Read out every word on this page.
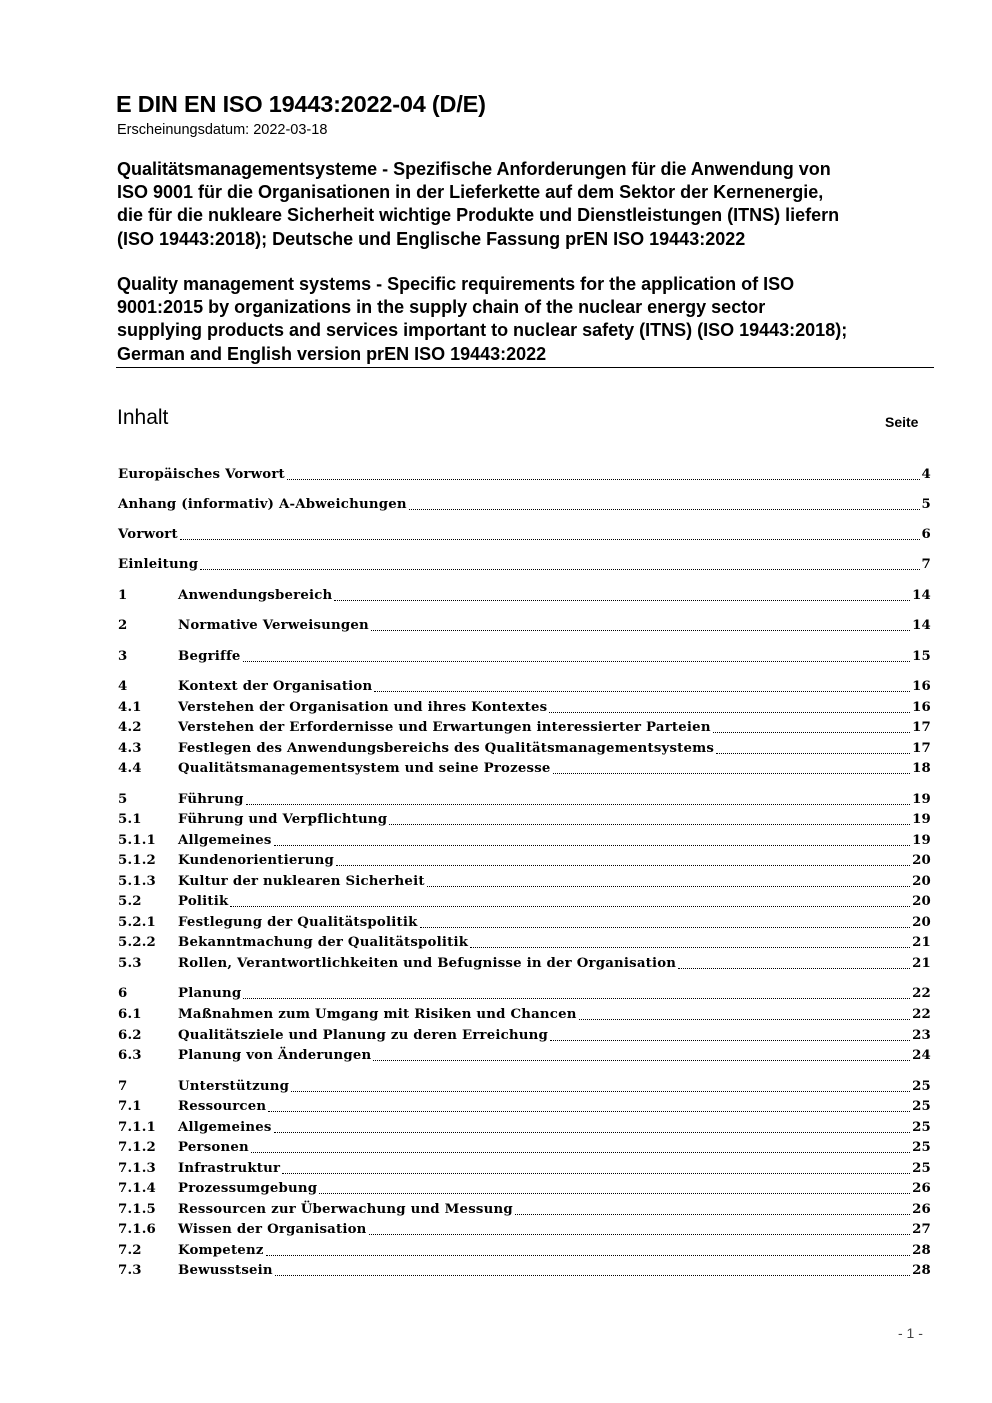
E DIN EN ISO 19443:2022-04 (D/E)
Erscheinungsdatum: 2022-03-18
Qualitätsmanagementsysteme - Spezifische Anforderungen für die Anwendung von
ISO 9001 für die Organisationen in der Lieferkette auf dem Sektor der Kernenergie,
die für die nukleare Sicherheit wichtige Produkte und Dienstleistungen (ITNS) liefern
(ISO 19443:2018); Deutsche und Englische Fassung prEN ISO 19443:2022
Quality management systems - Specific requirements for the application of ISO
9001:2015 by organizations in the supply chain of the nuclear energy sector
supplying products and services important to nuclear safety (ITNS) (ISO 19443:2018);
German and English version prEN ISO 19443:2022
Inhalt	Seite
Europäisches Vorwort	4
Anhang (informativ) A-Abweichungen	5
Vorwort	6
Einleitung	7
1	Anwendungsbereich	14
2	Normative Verweisungen	14
3	Begriffe	15
4	Kontext der Organisation	16
4.1	Verstehen der Organisation und ihres Kontextes	16
4.2	Verstehen der Erfordernisse und Erwartungen interessierter Parteien	17
4.3	Festlegen des Anwendungsbereichs des Qualitätsmanagementsystems	17
4.4	Qualitätsmanagementsystem und seine Prozesse	18
5	Führung	19
5.1	Führung und Verpflichtung	19
5.1.1	Allgemeines	19
5.1.2	Kundenorientierung	20
5.1.3	Kultur der nuklearen Sicherheit	20
5.2	Politik	20
5.2.1	Festlegung der Qualitätspolitik	20
5.2.2	Bekanntmachung der Qualitätspolitik	21
5.3	Rollen, Verantwortlichkeiten und Befugnisse in der Organisation	21
6	Planung	22
6.1	Maßnahmen zum Umgang mit Risiken und Chancen	22
6.2	Qualitätsziele und Planung zu deren Erreichung	23
6.3	Planung von Änderungen	24
7	Unterstützung	25
7.1	Ressourcen	25
7.1.1	Allgemeines	25
7.1.2	Personen	25
7.1.3	Infrastruktur	25
7.1.4	Prozessumgebung	26
7.1.5	Ressourcen zur Überwachung und Messung	26
7.1.6	Wissen der Organisation	27
7.2	Kompetenz	28
7.3	Bewusstsein	28
- 1 -
